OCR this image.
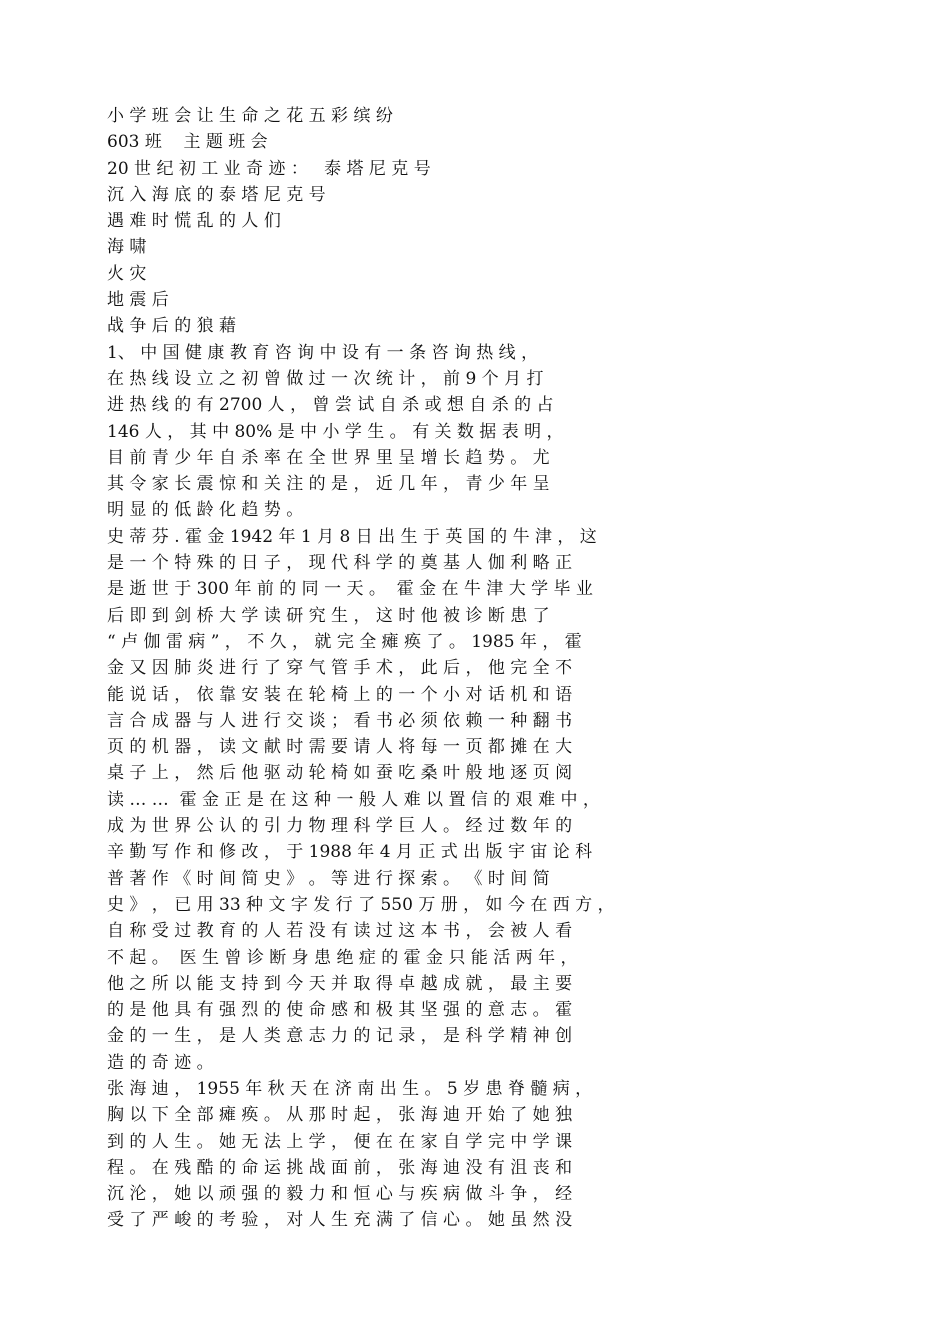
小 学 班 会 让 生 命 之 花 五 彩 缤 纷
603 班    主 题 班 会
20 世 纪 初 工 业 奇 迹 ：   泰 塔 尼 克 号
沉 入 海 底 的 泰 塔 尼 克 号
遇 难 时 慌 乱 的 人 们
海 啸
火 灾
地 震 后
战 争 后 的 狼 藉
1、 中 国 健 康 教 育 咨 询 中 设 有 一 条 咨 询 热 线 ，
在 热 线 设 立 之 初 曾 做 过 一 次 统 计 ， 前 9 个 月 打
进 热 线 的 有 2700 人 ， 曾 尝 试 自 杀 或 想 自 杀 的 占
146 人 ， 其 中 80% 是 中 小 学 生 。 有 关 数 据 表 明 ，
目 前 青 少 年 自 杀 率 在 全 世 界 里 呈 增 长 趋 势 。 尤
其 令 家 长 震 惊 和 关 注 的 是 ， 近 几 年 ， 青 少 年 呈
明 显 的 低 龄 化 趋 势 。
史 蒂 芬 . 霍 金 1942 年 1 月 8 日 出 生 于 英 国 的 牛 津 ， 这
是 一 个 特 殊 的 日 子 ， 现 代 科 学 的 奠 基 人 伽 利 略 正
是 逝 世 于 300 年 前 的 同 一 天 。  霍 金 在 牛 津 大 学 毕 业
后 即 到 剑 桥 大 学 读 研 究 生 ， 这 时 他 被 诊 断 患 了
“ 卢 伽 雷 病 ” ， 不 久 ， 就 完 全 瘫 痪 了 。 1985 年 ， 霍
金 又 因 肺 炎 进 行 了 穿 气 管 手 术 ， 此 后 ， 他 完 全 不
能 说 话 ， 依 靠 安 装 在 轮 椅 上 的 一 个 小 对 话 机 和 语
言 合 成 器 与 人 进 行 交 谈 ； 看 书 必 须 依 赖 一 种 翻 书
页 的 机 器 ， 读 文 献 时 需 要 请 人 将 每 一 页 都 摊 在 大
桌 子 上 ， 然 后 他 驱 动 轮 椅 如 蚕 吃 桑 叶 般 地 逐 页 阅
读 … …  霍 金 正 是 在 这 种 一 般 人 难 以 置 信 的 艰 难 中 ，
成 为 世 界 公 认 的 引 力 物 理 科 学 巨 人 。 经 过 数 年 的
辛 勤 写 作 和 修 改 ， 于 1988 年 4 月 正 式 出 版 宇 宙 论 科
普 著 作 《 时 间 简 史 》 。 等 进 行 探 索 。 《 时 间 简
史 》 ， 已 用 33 种 文 字 发 行 了 550 万 册 ， 如 今 在 西 方 ，
自 称 受 过 教 育 的 人 若 没 有 读 过 这 本 书 ， 会 被 人 看
不 起 。  医 生 曾 诊 断 身 患 绝 症 的 霍 金 只 能 活 两 年 ，
他 之 所 以 能 支 持 到 今 天 并 取 得 卓 越 成 就 ， 最 主 要
的 是 他 具 有 强 烈 的 使 命 感 和 极 其 坚 强 的 意 志 。 霍
金 的 一 生 ， 是 人 类 意 志 力 的 记 录 ， 是 科 学 精 神 创
造 的 奇 迹 。
张 海 迪 ， 1955 年 秋 天 在 济 南 出 生 。 5 岁 患 脊 髓 病 ，
胸 以 下 全 部 瘫 痪 。 从 那 时 起 ， 张 海 迪 开 始 了 她 独
到 的 人 生 。 她 无 法 上 学 ， 便 在 在 家 自 学 完 中 学 课
程 。 在 残 酷 的 命 运 挑 战 面 前 ， 张 海 迪 没 有 沮 丧 和
沉 沦 ， 她 以 顽 强 的 毅 力 和 恒 心 与 疾 病 做 斗 争 ， 经
受 了 严 峻 的 考 验 ， 对 人 生 充 满 了 信 心 。 她 虽 然 没
